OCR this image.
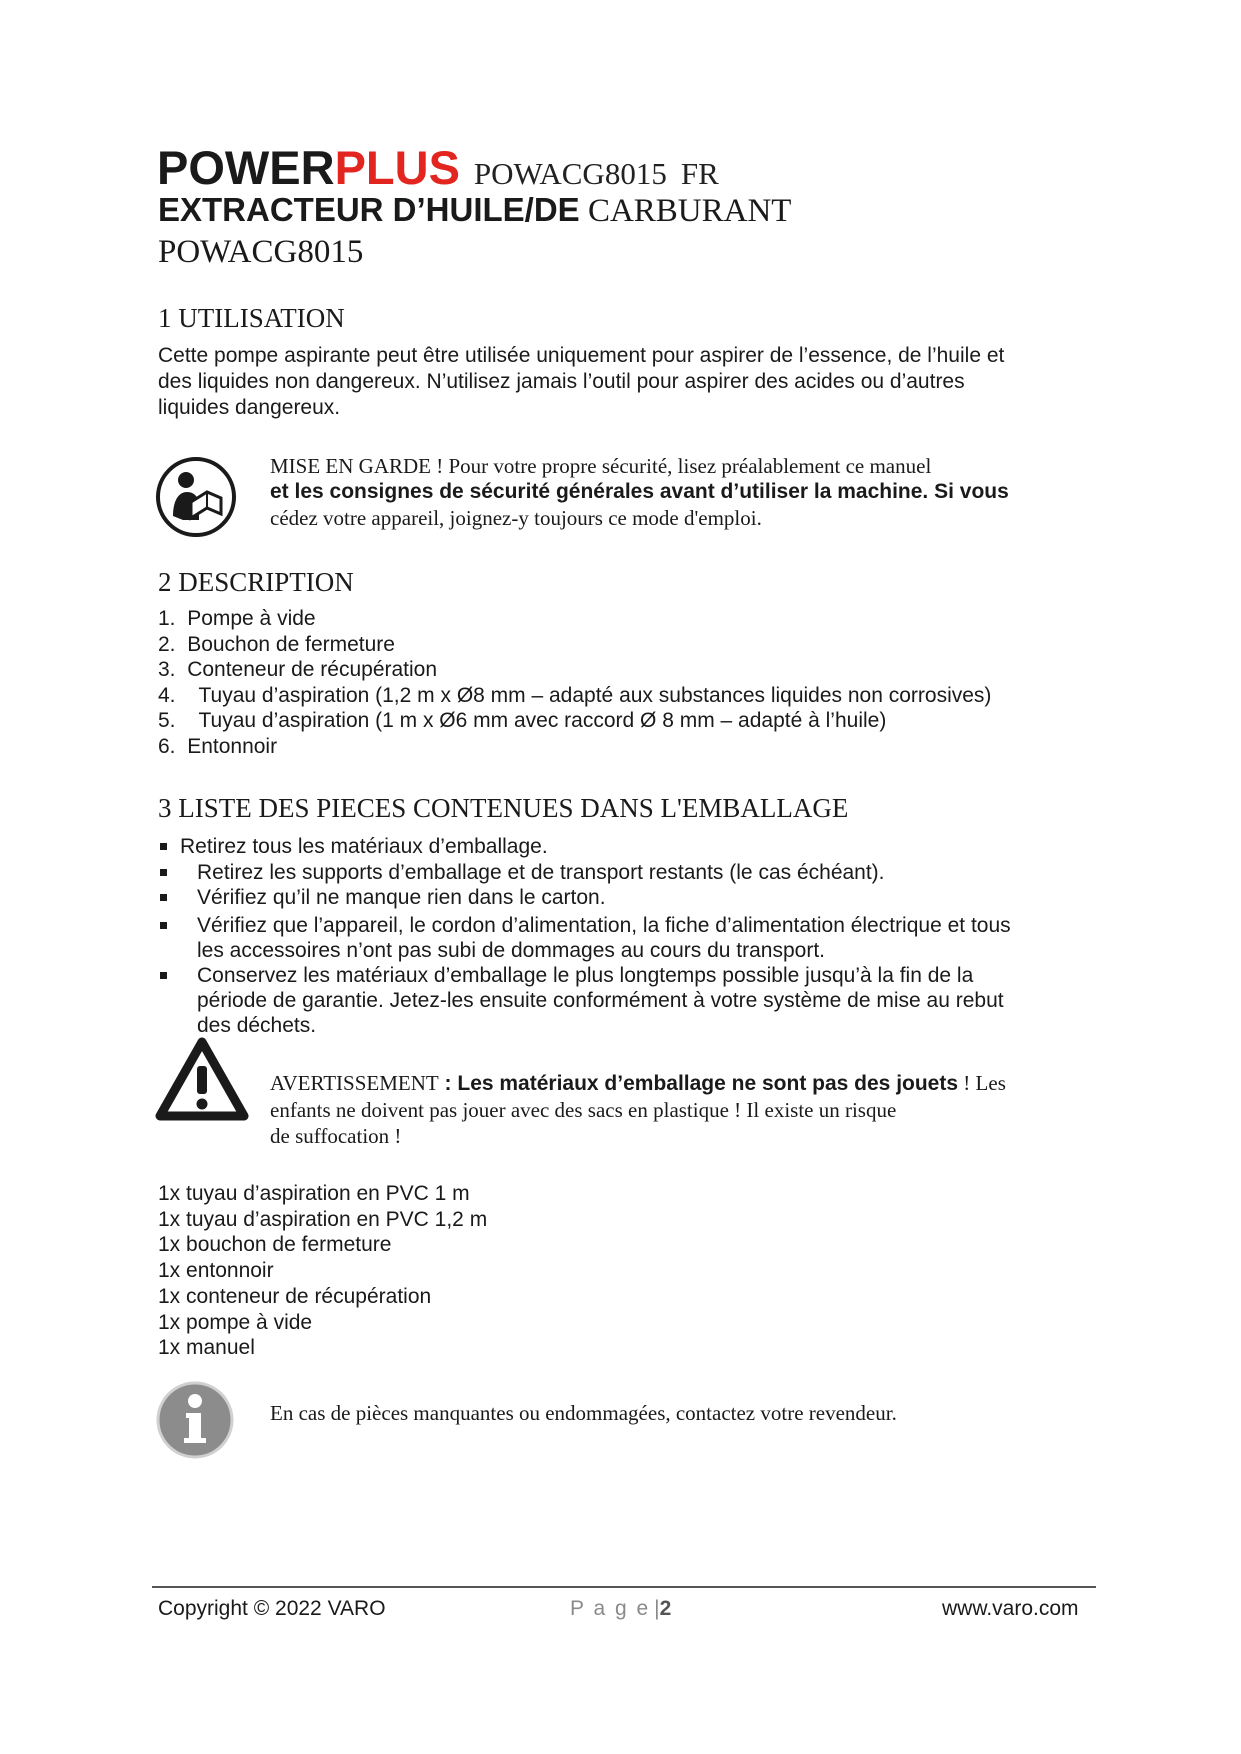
POWERPLUS POWACG8015 FR
EXTRACTEUR D’HUILE/DE CARBURANT
POWACG8015
1 UTILISATION
Cette pompe aspirante peut être utilisée uniquement pour aspirer de l’essence, de l’huile et
des liquides non dangereux. N’utilisez jamais l’outil pour aspirer des acides ou d’autres
liquides dangereux.
MISE EN GARDE ! Pour votre propre sécurité, lisez préalablement ce manuel
et les consignes de sécurité générales avant d’utiliser la machine. Si vous
cédez votre appareil, joignez-y toujours ce mode d'emploi.
2 DESCRIPTION
1. Pompe à vide
2. Bouchon de fermeture
3. Conteneur de récupération
4. Tuyau d’aspiration (1,2 m x Ø8 mm – adapté aux substances liquides non corrosives)
5. Tuyau d’aspiration (1 m x Ø6 mm avec raccord Ø 8 mm – adapté à l’huile)
6. Entonnoir
3 LISTE DES PIECES CONTENUES DANS L'EMBALLAGE
Retirez tous les matériaux d’emballage.
Retirez les supports d’emballage et de transport restants (le cas échéant).
Vérifiez qu’il ne manque rien dans le carton.
Vérifiez que l’appareil, le cordon d’alimentation, la fiche d’alimentation électrique et tous
les accessoires n’ont pas subi de dommages au cours du transport.
Conservez les matériaux d’emballage le plus longtemps possible jusqu’à la fin de la
période de garantie. Jetez-les ensuite conformément à votre système de mise au rebut
des déchets.
AVERTISSEMENT : Les matériaux d’emballage ne sont pas des jouets ! Les
enfants ne doivent pas jouer avec des sacs en plastique ! Il existe un risque
de suffocation !
1x tuyau d’aspiration en PVC 1 m
1x tuyau d’aspiration en PVC 1,2 m
1x bouchon de fermeture
1x entonnoir
1x conteneur de récupération
1x pompe à vide
1x manuel
En cas de pièces manquantes ou endommagées, contactez votre revendeur.
Copyright © 2022 VARO	P a g e |2	www.varo.com
